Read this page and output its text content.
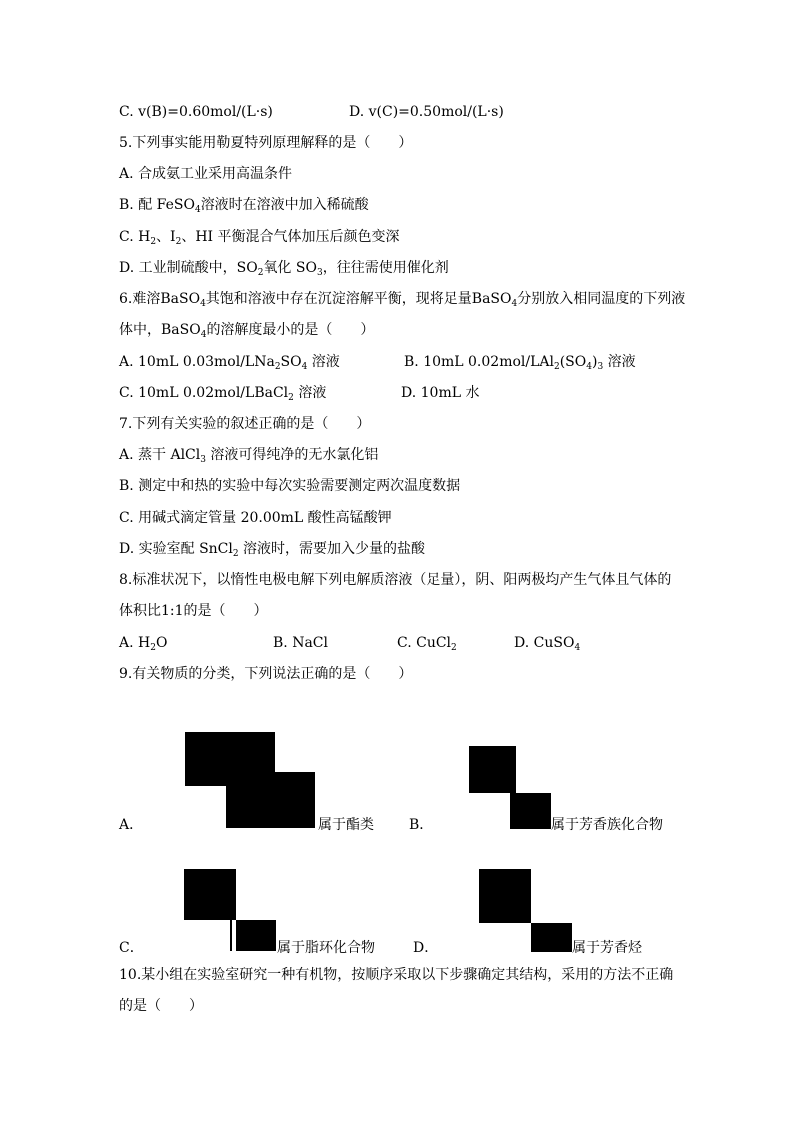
C. v(B)=0.60mol/(L·s)	D. v(C)=0.50mol/(L·s)
5.下列事实能用勒夏特列原理解释的是（　　）
A. 合成氨工业采用高温条件
B. 配 FeSO$_4$溶液时在溶液中加入稀硫酸
C. $H_2$、$I_2$、HI 平衡混合气体加压后颜色变深
D. 工业制硫酸中，$SO_2$氧化 $SO_3$，往往需使用催化剂
6.难溶BaSO$_4$其饱和溶液中存在沉淀溶解平衡，现将足量BaSO$_4$分别放入相同温度的下列液
体中，BaSO$_4$的溶解度最小的是（　　）
A. 10mL $0.03mol/LNa_2SO_4$ 溶液	B. 10mL $0.02mol/LAl_2(SO_4)_3$ 溶液
C. 10mL 0.02mol/LBaCl$_2$ 溶液	D. 10mL 水
7.下列有关实验的叙述正确的是（　　）
A. 蒸干 AlCl$_3$ 溶液可得纯净的无水氯化铝
B. 测定中和热的实验中每次实验需要测定两次温度数据
C. 用碱式滴定管量 20.00mL 酸性高锰酸钾
D. 实验室配 SnCl$_2$ 溶液时，需要加入少量的盐酸
8.标准状况下，以惰性电极电解下列电解质溶液（足量），阴、阳两极均产生气体且气体的
体积比1:1的是（　　）
A. $H_2O$	B. NaCl	C. CuCl$_2$	D. CuSO$_4$
9.有关物质的分类，下列说法正确的是（　　）
A．	属于酯类	B．	属于芳香族化合物
C．	属于脂环化合物	D．	属于芳香烃
10.某小组在实验室研究一种有机物，按顺序采取以下步骤确定其结构，采用的方法不正确
的是（　　）
